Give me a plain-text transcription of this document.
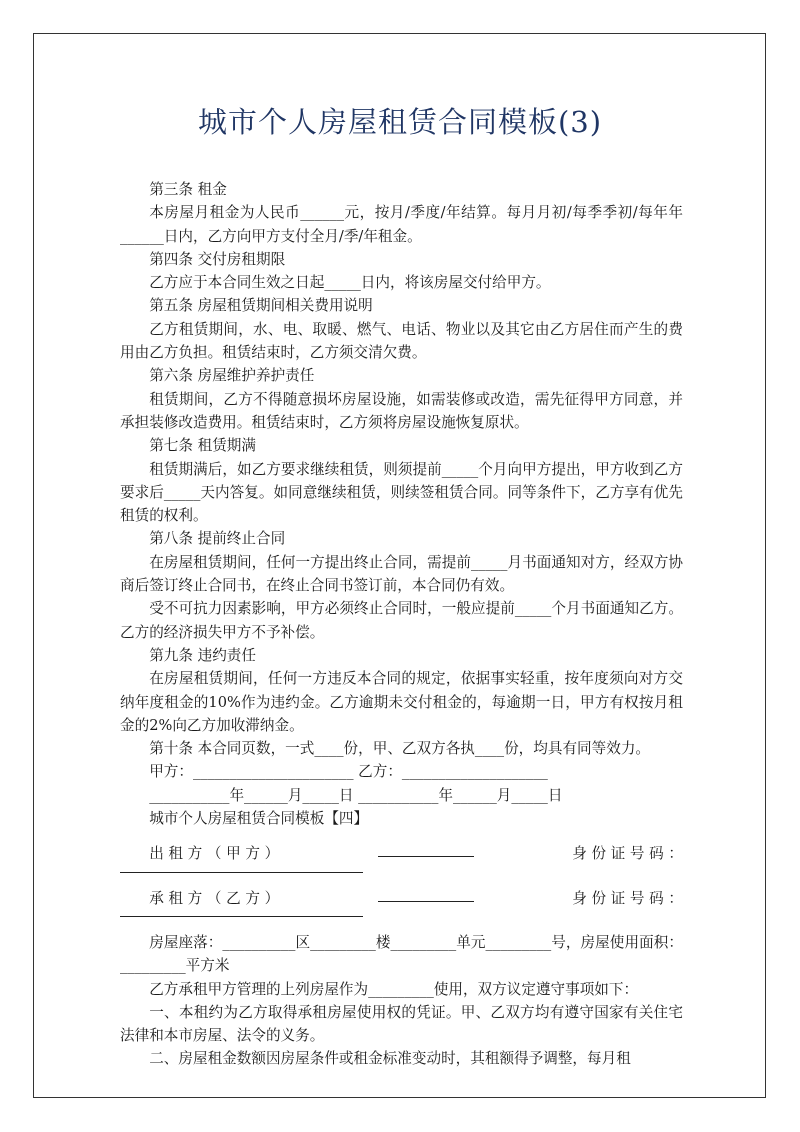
城市个人房屋租赁合同模板(3)

第三条 租金

本房屋月租金为人民币______元，按月/季度/年结算。每月月初/每季季初/每年年______日内，乙方向甲方支付全月/季/年租金。

第四条 交付房租期限

乙方应于本合同生效之日起_____日内，将该房屋交付给甲方。

第五条 房屋租赁期间相关费用说明

乙方租赁期间，水、电、取暖、燃气、电话、物业以及其它由乙方居住而产生的费用由乙方负担。租赁结束时，乙方须交清欠费。

第六条 房屋维护养护责任

租赁期间，乙方不得随意损坏房屋设施，如需装修或改造，需先征得甲方同意，并承担装修改造费用。租赁结束时，乙方须将房屋设施恢复原状。

第七条 租赁期满

租赁期满后，如乙方要求继续租赁，则须提前_____个月向甲方提出，甲方收到乙方要求后_____天内答复。如同意继续租赁，则续签租赁合同。同等条件下，乙方享有优先租赁的权利。

第八条 提前终止合同

在房屋租赁期间，任何一方提出终止合同，需提前_____月书面通知对方，经双方协商后签订终止合同书，在终止合同书签订前，本合同仍有效。

受不可抗力因素影响，甲方必须终止合同时，一般应提前_____个月书面通知乙方。乙方的经济损失甲方不予补偿。

第九条 违约责任

在房屋租赁期间，任何一方违反本合同的规定，依据事实轻重，按年度须向对方交纳年度租金的10%作为违约金。乙方逾期未交付租金的，每逾期一日，甲方有权按月租金的2%向乙方加收滞纳金。

第十条 本合同页数，一式____份，甲、乙双方各执____份，均具有同等效力。

甲方：______________________ 乙方：____________________

___________年______月_____日 ___________年______月_____日

城市个人房屋租赁合同模板【四】

出 租 方 （ 甲 方 ）	身 份 证 号 码 ：
承 租 方 （ 乙 方 ）	身 份 证 号 码 ：

房屋座落：__________区_________楼_________单元_________号，房屋使用面积：_________平方米

乙方承租甲方管理的上列房屋作为_________使用，双方议定遵守事项如下：

一、本租约为乙方取得承租房屋使用权的凭证。甲、乙双方均有遵守国家有关住宅法律和本市房屋、法令的义务。

二、房屋租金数额因房屋条件或租金标准变动时，其租额得予调整，每月租
